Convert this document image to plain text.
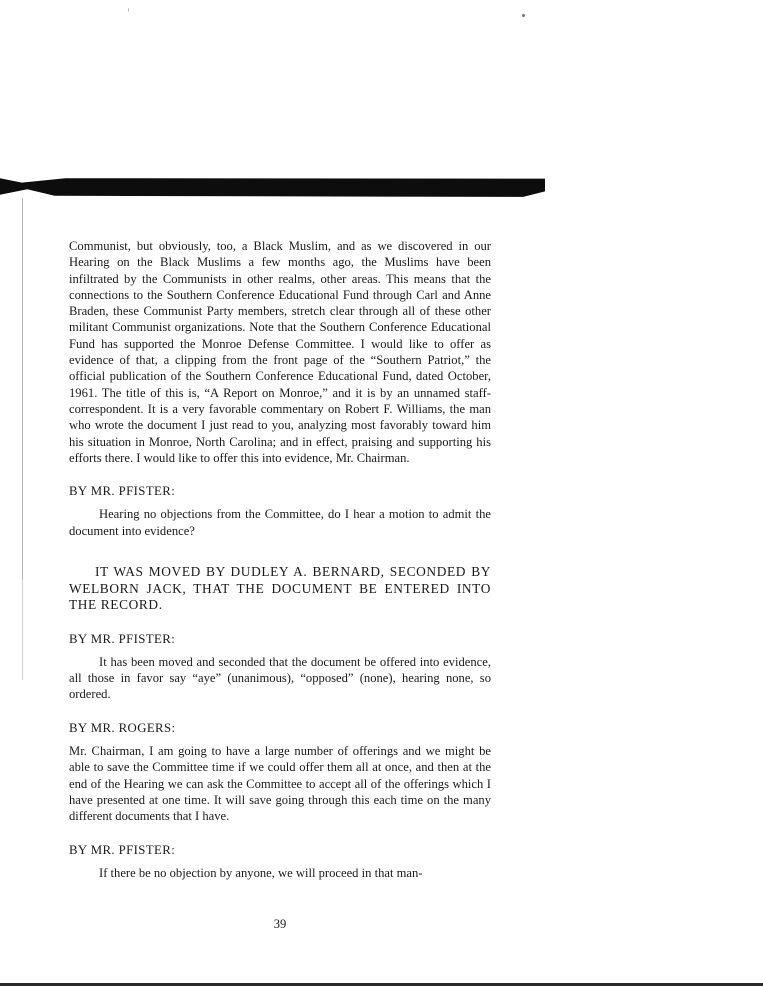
Communist, but obviously, too, a Black Muslim, and as we discovered in our Hearing on the Black Muslims a few months ago, the Muslims have been infiltrated by the Communists in other realms, other areas. This means that the connections to the Southern Conference Educational Fund through Carl and Anne Braden, these Communist Party members, stretch clear through all of these other militant Communist organizations. Note that the Southern Conference Educational Fund has supported the Monroe Defense Committee. I would like to offer as evidence of that, a clipping from the front page of the “Southern Patriot,” the official publication of the Southern Conference Educational Fund, dated October, 1961. The title of this is, “A Report on Monroe,” and it is by an unnamed staff-correspondent. It is a very favorable commentary on Robert F. Williams, the man who wrote the document I just read to you, analyzing most favorably toward him his situation in Monroe, North Carolina; and in effect, praising and supporting his efforts there. I would like to offer this into evidence, Mr. Chairman.

BY MR. PFISTER:

Hearing no objections from the Committee, do I hear a motion to admit the document into evidence?

IT WAS MOVED BY DUDLEY A. BERNARD, SECONDED BY WELBORN JACK, THAT THE DOCUMENT BE ENTERED INTO THE RECORD.

BY MR. PFISTER:

It has been moved and seconded that the document be offered into evidence, all those in favor say “aye” (unanimous), “opposed” (none), hearing none, so ordered.

BY MR. ROGERS:

Mr. Chairman, I am going to have a large number of offerings and we might be able to save the Committee time if we could offer them all at once, and then at the end of the Hearing we can ask the Committee to accept all of the offerings which I have presented at one time. It will save going through this each time on the many different documents that I have.

BY MR. PFISTER:

If there be no objection by anyone, we will proceed in that man-

39
